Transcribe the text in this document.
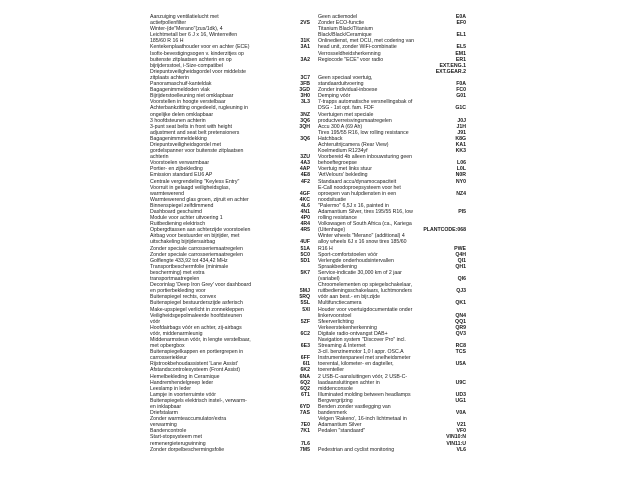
Aanzuiging ventilatielucht met
actiefpollenfilter	2VS
Winter-(de"Merano"(zus/1dk), 4
Leichtmetall ber 6 J x 16, Winterreifen
185/60 R 16 H	31K
Kentekenplaathouder voor en achter (ECE)	3A1
Isofix-bevestigingsogen v. kinderzitjes op
buitenste zitplaatsen achterin en op	3A2
bijrijdersstoel, i-Size-compatibel
Driepuntsveiligheidsgordel voor middelste
zitplaats achterin	3C7
Panoramaschuif-kanteldak	3FB
Bagagenimmeldoden vlak	3GD
Bijrijderstoelleuning niet omklapbaar	3H0
Voorstellen in hoogte verstelbaar	3L3
Achterbankzitting ongedeeld, rugleuning in
ongelijke delen omklapbaar	3NZ
3 hoofdsteunen achterin	3Q6
3-punt seat belts in front with height	3QH
adjustment and seat belt pretensioners
Bagagenimmmeldekking	3Q6
Driepuntsveiligheidsgordel met
gordelspanner voor buitenste zitplaatsen
achterin	3ZU
Voorstoelen verwarmbaar	4A3
Portier- en zijbekleding	4AP
Emission standard EU6 AP	4E8
Centrale vergrendeling "Keyless Entry"	4F2
Voorruit in gelaagd veiligheidsglas,
warmtewerend	4GF
Warmtewerend glas groen, zijruit en achter	4KC
Binnenspiegel zelfdimmend	4L6
Dashboard geschuimd	4N1
Module voor achter uitvoering 1	4P0
Ruitbediening elektrisch	4R4
Opbergdtassen aan achterzijde voorstoelen	4R5
Airbag voor bestuurder en bijrijder, met
uitschakeling bijrijdersairbag	4UF
Zonder speciale carrosseriemaatregelen	51A
Zonder speciale carrosseriemaatregelen	5C0
Golflengte 433,92 tot 434,42 MHz	5D1
Transportbeschermfolie (minimale
bescherming) met extra	5K7
transportmaatregelen
Decorinlag 'Deep Iron Grey' voor dashboard
en portierbekleding voor	5MJ
Buitenspiegel rechts, convex	5RQ
Buitenspiegel bestuurderszijde asferisch	5SL
Make-upspiegel verlicht in zonnekleppen	5XI
Veiligheidsgepolmaleerde hoofdsteunen
vóór	5ZF
Hoofdairbags vóór en achter, zij-airbags
vóór, middenarmleunig	6C2
Middenarmsteun vóór, in lengte verstelbaar,
met opbergbox	6E3
Buitenspiegelkappen en portiergrepen in
carrosseriekleur	6FF
Rijstrookbehoudassistent 'Lane Assist'	6I1
Afstandscontrolesysteem (Front Assist)	6K2
Hemelbekleding in Ceramique	6NA
Handremhendelgreep leder	6Q2
Leeslamp in leder	6Q2
Lampje in voorterruimte vóór	6T1
Buitenspiegels elektrisch instel-, verwarm-
en inklapbaar	6YD
Driefstalarm	7AS
Zonder warmteaccumulator/extra
verwarming	7E0
Bandencontrole	7K1
Start-stopsysteem met
remenergieterugwinning	7L6
Zonder dorpelbeschermingsfolie	7M5
Geen actiemodel	E0A
Zonder ECO-functie	EF0
Titanium Black/Titanium
Black/Black/Ceramique	EL1
Onlinedienst, met OCU, met codering van
head unit, zonder WiFi-combinatie	EL5
Verrosseldheidsherkenning	EM1
Regiocode "ECE" voor radio	ER1
EXT.ENG.1
EXT.GEAR.2
Geen speciaal voertuig,
standaarduitvoering	F0A
Zonder individual-inboese	FC0
Demping vóór	G01
7-trapps automatische versnellingsbak of
DSG - 1st opt. fam. FDF	G1C
Voertuigen met speciale
productverreisvingsmaatregelen	J0J
Accu 300 A (69 Ah)	J1H
Tires 195/55 R16, low rolling resistance	J91
Hatchback	K8G
Achteruitrijcamera (Rear View)	KA1
Koelmedium R1234yf	KK3
Voorbereid 4b alleen inbouwsturing geen
behoeftegroepse	L06
Voertuig met links stuur	L0L
'ArtVelours' bekleding	N0R
Standaard accu/dynamocapaciteit	NY0
E-Call noodoproepsysteem voor het
oproepen van hulpdiensten in een	NZ4
noodsituatie
"Palermo" 6,5J x 16, painted in
Adamantium Silver, tires 195/55 R16, low	PI5
rolling resistance
Volkswagen of South Africa (ca., Kariega
(Uitenhage)	PLANTCODE:068
Winter wheels "Merano" (additional) 4
alloy wheels 6J x 16 snow tires 185/60
R16 H	PWE
Sport-comfortstoelen vóór	Q4H
Verlengde onderhoudsintervallen	QI1
Spraakbediening	QH1
Service-indicatie 30,000 km of 2 jaar
(variabel)	QI6
Chroomelementen op spiegelschakelaar,
ruitbedieningsschakelaars, luchtmonders	QJ3
vóór aan best.- en bijr.zijde
Multifunctiecamera	QK1
Houder voor voertuigdocumentatie onder
linkervoorstoel	QN4
Sfeerverlichting	QQ1
Verkeerstekenherkenning	QR9
Digitale radio-ontvangst DAB+	QV3
Navigation system "Discover Pro" incl.
Streaming & Internet	RC8
3-cil. benzinemotor 1,0 l appr. OSC.A	TCS
Instrumentenpaneel met snelheidsmeter
toerental, kilometer- en dagteller,	U5A
toerenteller
2 USB-C-aansluitingen vóór, 2 USB-C-
laadaansluitingen achter in	U9C
middenconsole
Illuminated molding between headlamps	UD3
Bergvergrijzing	UG1
Benden zonder vastlegging van
bandenmerk	V0A
Velgen 'Rakeno', 16-inch lichtmetaal in
Adamantium Silver	V21
Pedalen "standaard"	VF0
VIN10:N
VIN11:U
Pedestrian and cyclist monitoring	VL6
